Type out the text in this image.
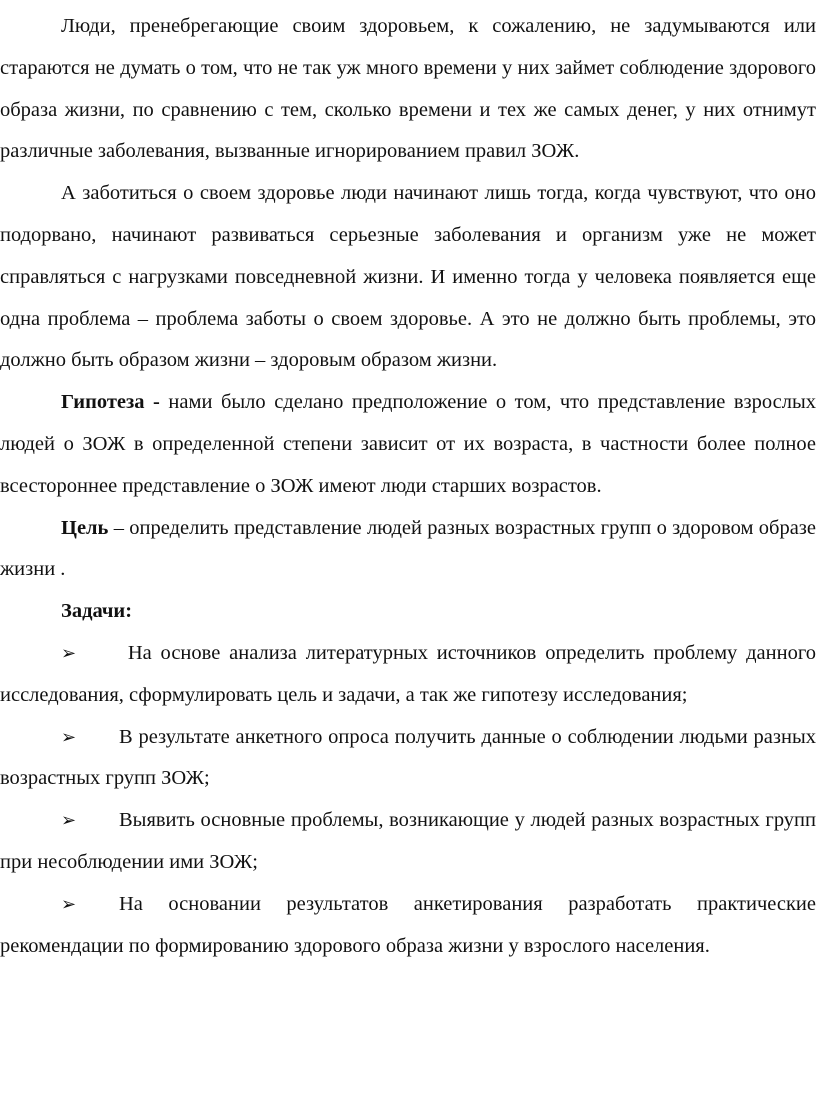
Люди, пренебрегающие своим здоровьем, к сожалению, не задумываются или стараются не думать о том, что не так уж много времени у них займет соблюдение здорового образа жизни, по сравнению с тем, сколько времени и тех же самых денег, у них отнимут различные заболевания, вызванные игнорированием правил ЗОЖ.

А заботиться о своем здоровье люди начинают лишь тогда, когда чувствуют, что оно подорвано, начинают развиваться серьезные заболевания и организм уже не может справляться с нагрузками повседневной жизни. И именно тогда у человека появляется еще одна проблема – проблема заботы о своем здоровье. А это не должно быть проблемы, это должно быть образом жизни – здоровым образом жизни.

Гипотеза - нами было сделано предположение о том, что представление взрослых людей о ЗОЖ в определенной степени зависит от их возраста, в частности более полное всестороннее представление о ЗОЖ имеют люди старших возрастов.

Цель – определить представление людей разных возрастных групп о здоровом образе жизни .

Задачи:

➢ На основе анализа литературных источников определить проблему данного исследования, сформулировать цель и задачи, а так же гипотезу исследования;

➢ В результате анкетного опроса получить данные о соблюдении людьми разных возрастных групп ЗОЖ;

➢ Выявить основные проблемы, возникающие у людей разных возрастных групп при несоблюдении ими ЗОЖ;

➢ На основании результатов анкетирования разработать практические рекомендации по формированию здорового образа жизни у взрослого населения.
